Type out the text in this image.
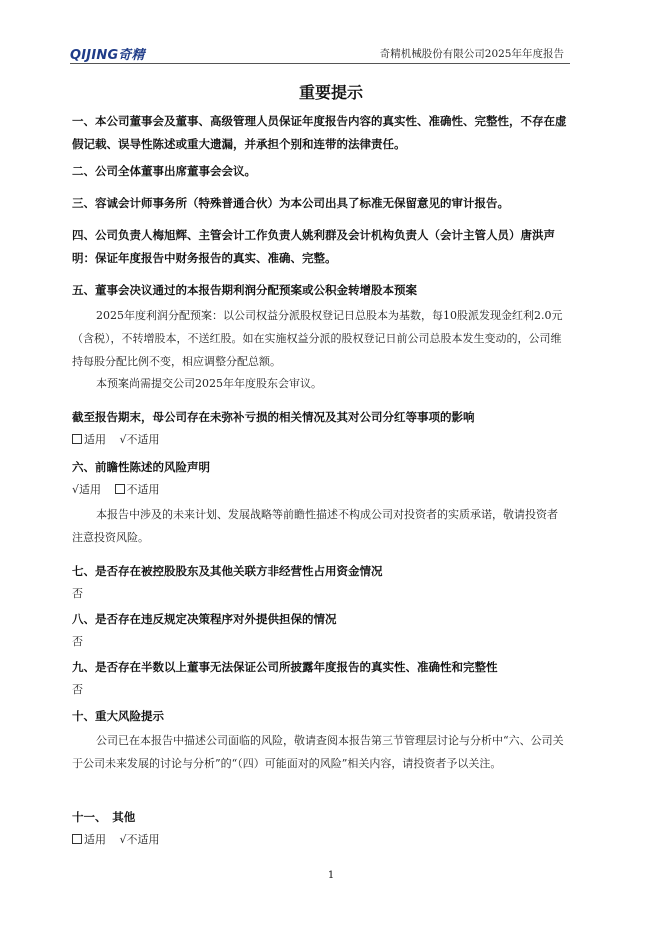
QIJING奇精	奇精机械股份有限公司2025年年度报告
重要提示
一、本公司董事会及董事、高级管理人员保证年度报告内容的真实性、准确性、完整性，不存在虚假记载、误导性陈述或重大遗漏，并承担个别和连带的法律责任。
二、公司全体董事出席董事会会议。
三、容诚会计师事务所（特殊普通合伙）为本公司出具了标准无保留意见的审计报告。
四、公司负责人梅旭辉、主管会计工作负责人姚利群及会计机构负责人（会计主管人员）唐洪声明：保证年度报告中财务报告的真实、准确、完整。
五、董事会决议通过的本报告期利润分配预案或公积金转增股本预案
2025年度利润分配预案：以公司权益分派股权登记日总股本为基数，每10股派发现金红利2.0元（含税），不转增股本，不送红股。如在实施权益分派的股权登记日前公司总股本发生变动的，公司维持每股分配比例不变，相应调整分配总额。
本预案尚需提交公司2025年年度股东会审议。
截至报告期末，母公司存在未弥补亏损的相关情况及其对公司分红等事项的影响
适用 √不适用
六、前瞻性陈述的风险声明
√适用 不适用
本报告中涉及的未来计划、发展战略等前瞻性描述不构成公司对投资者的实质承诺，敬请投资者注意投资风险。
七、是否存在被控股股东及其他关联方非经营性占用资金情况
否
八、是否存在违反规定决策程序对外提供担保的情况
否
九、是否存在半数以上董事无法保证公司所披露年度报告的真实性、准确性和完整性
否
十、重大风险提示
公司已在本报告中描述公司面临的风险，敬请查阅本报告第三节管理层讨论与分析中“六、公司关于公司未来发展的讨论与分析”的“（四）可能面对的风险”相关内容，请投资者予以关注。
十一、　其他
适用 √不适用
1
